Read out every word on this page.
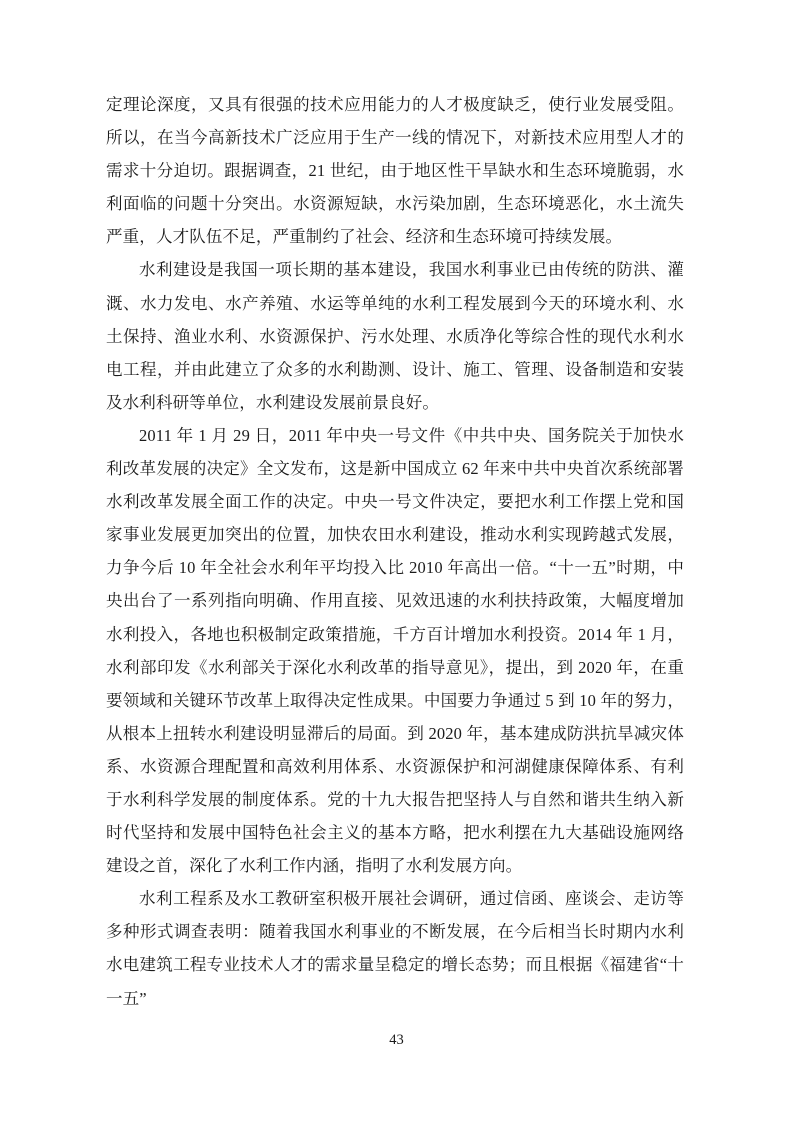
定理论深度，又具有很强的技术应用能力的人才极度缺乏，使行业发展受阻。所以，在当今高新技术广泛应用于生产一线的情况下，对新技术应用型人才的需求十分迫切。跟据调查，21 世纪，由于地区性干旱缺水和生态环境脆弱，水利面临的问题十分突出。水资源短缺，水污染加剧，生态环境恶化，水土流失严重，人才队伍不足，严重制约了社会、经济和生态环境可持续发展。

水利建设是我国一项长期的基本建设，我国水利事业已由传统的防洪、灌溉、水力发电、水产养殖、水运等单纯的水利工程发展到今天的环境水利、水土保持、渔业水利、水资源保护、污水处理、水质净化等综合性的现代水利水电工程，并由此建立了众多的水利勘测、设计、施工、管理、设备制造和安装及水利科研等单位，水利建设发展前景良好。

2011 年 1 月 29 日，2011 年中央一号文件《中共中央、国务院关于加快水利改革发展的决定》全文发布，这是新中国成立 62 年来中共中央首次系统部署水利改革发展全面工作的决定。中央一号文件决定，要把水利工作摆上党和国家事业发展更加突出的位置，加快农田水利建设，推动水利实现跨越式发展，力争今后 10 年全社会水利年平均投入比 2010 年高出一倍。“十一五”时期，中央出台了一系列指向明确、作用直接、见效迅速的水利扶持政策，大幅度增加水利投入，各地也积极制定政策措施，千方百计增加水利投资。2014 年 1 月，水利部印发《水利部关于深化水利改革的指导意见》，提出，到 2020 年，在重要领域和关键环节改革上取得决定性成果。中国要力争通过 5 到 10 年的努力，从根本上扭转水利建设明显滞后的局面。到 2020 年，基本建成防洪抗旱减灾体系、水资源合理配置和高效利用体系、水资源保护和河湖健康保障体系、有利于水利科学发展的制度体系。党的十九大报告把坚持人与自然和谐共生纳入新时代坚持和发展中国特色社会主义的基本方略，把水利摆在九大基础设施网络建设之首，深化了水利工作内涵，指明了水利发展方向。

水利工程系及水工教研室积极开展社会调研，通过信函、座谈会、走访等多种形式调查表明：随着我国水利事业的不断发展，在今后相当长时期内水利水电建筑工程专业技术人才的需求量呈稳定的增长态势；而且根据《福建省“十一五”

43
